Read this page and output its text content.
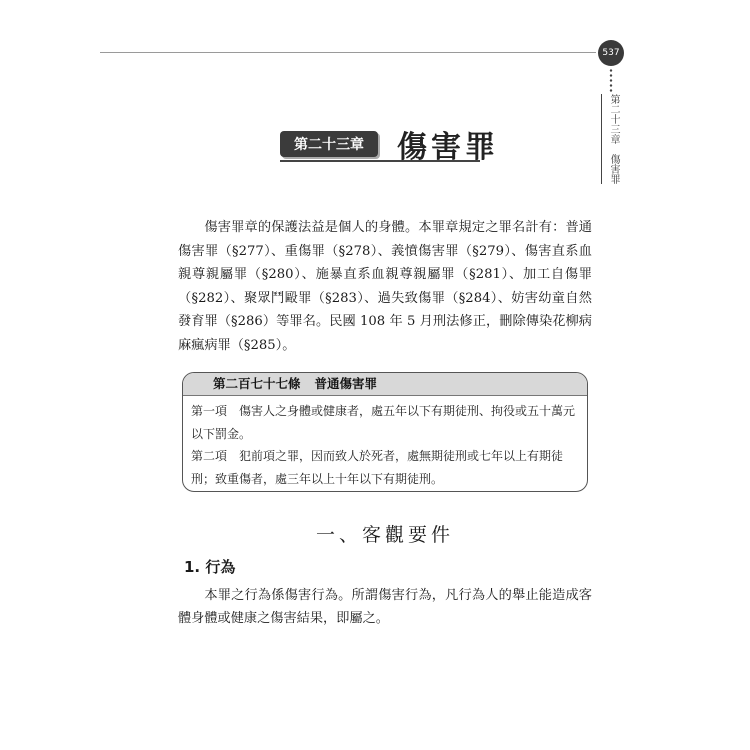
537
第二十三章　傷害罪
第二十三章	傷害罪

傷害罪章的保護法益是個人的身體。本罪章規定之罪名計有：普通傷害罪（§277）、重傷罪（§278）、義憤傷害罪（§279）、傷害直系血親尊親屬罪（§280）、施暴直系血親尊親屬罪（§281）、加工自傷罪（§282）、聚眾鬥毆罪（§283）、過失致傷罪（§284）、妨害幼童自然發育罪（§286）等罪名。民國 108 年 5 月刑法修正，刪除傳染花柳病麻瘋病罪（§285）。

第二百七十七條 普通傷害罪

第一項　傷害人之身體或健康者，處五年以下有期徒刑、拘役或五十萬元以下罰金。

第二項　犯前項之罪，因而致人於死者，處無期徒刑或七年以上有期徒刑；致重傷者，處三年以上十年以下有期徒刑。

一、客觀要件
1. 行為

本罪之行為係傷害行為。所謂傷害行為，凡行為人的舉止能造成客體身體或健康之傷害結果，即屬之。
